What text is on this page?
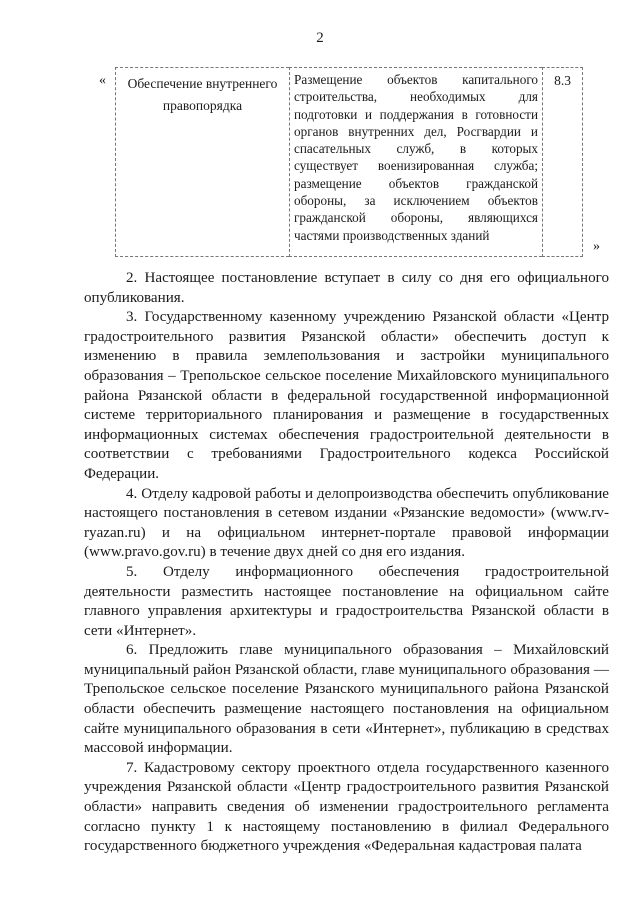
2
«	Обеспечение внутреннего правопорядка
Размещение объектов капитального строительства, необходимых для подготовки и поддержания в готовности органов внутренних дел, Росгвардии и спасательных служб, в которых существует военизированная служба; размещение объектов гражданской обороны, за исключением объектов гражданской обороны, являющихся частями производственных зданий
8.3
»

2. Настоящее постановление вступает в силу со дня его официального опубликования.

3. Государственному казенному учреждению Рязанской области «Центр градостроительного развития Рязанской области» обеспечить доступ к изменению в правила землепользования и застройки муниципального образования – Трепольское сельское поселение Михайловского муниципального района Рязанской области в федеральной государственной информационной системе территориального планирования и размещение в государственных информационных системах обеспечения градостроительной деятельности в соответствии с требованиями Градостроительного кодекса Российской Федерации.

4. Отделу кадровой работы и делопроизводства обеспечить опубликование настоящего постановления в сетевом издании «Рязанские ведомости» (www.rv-ryazan.ru) и на официальном интернет-портале правовой информации (www.pravo.gov.ru) в течение двух дней со дня его издания.

5. Отделу информационного обеспечения градостроительной деятельности разместить настоящее постановление на официальном сайте главного управления архитектуры и градостроительства Рязанской области в сети «Интернет».

6. Предложить главе муниципального образования – Михайловский муниципальный район Рязанской области, главе муниципального образования — Трепольское сельское поселение Рязанского муниципального района Рязанской области обеспечить размещение настоящего постановления на официальном сайте муниципального образования в сети «Интернет», публикацию в средствах массовой информации.

7. Кадастровому сектору проектного отдела государственного казенного учреждения Рязанской области «Центр градостроительного развития Рязанской области» направить сведения об изменении градостроительного регламента согласно пункту 1 к настоящему постановлению в филиал Федерального государственного бюджетного учреждения «Федеральная кадастровая палата
